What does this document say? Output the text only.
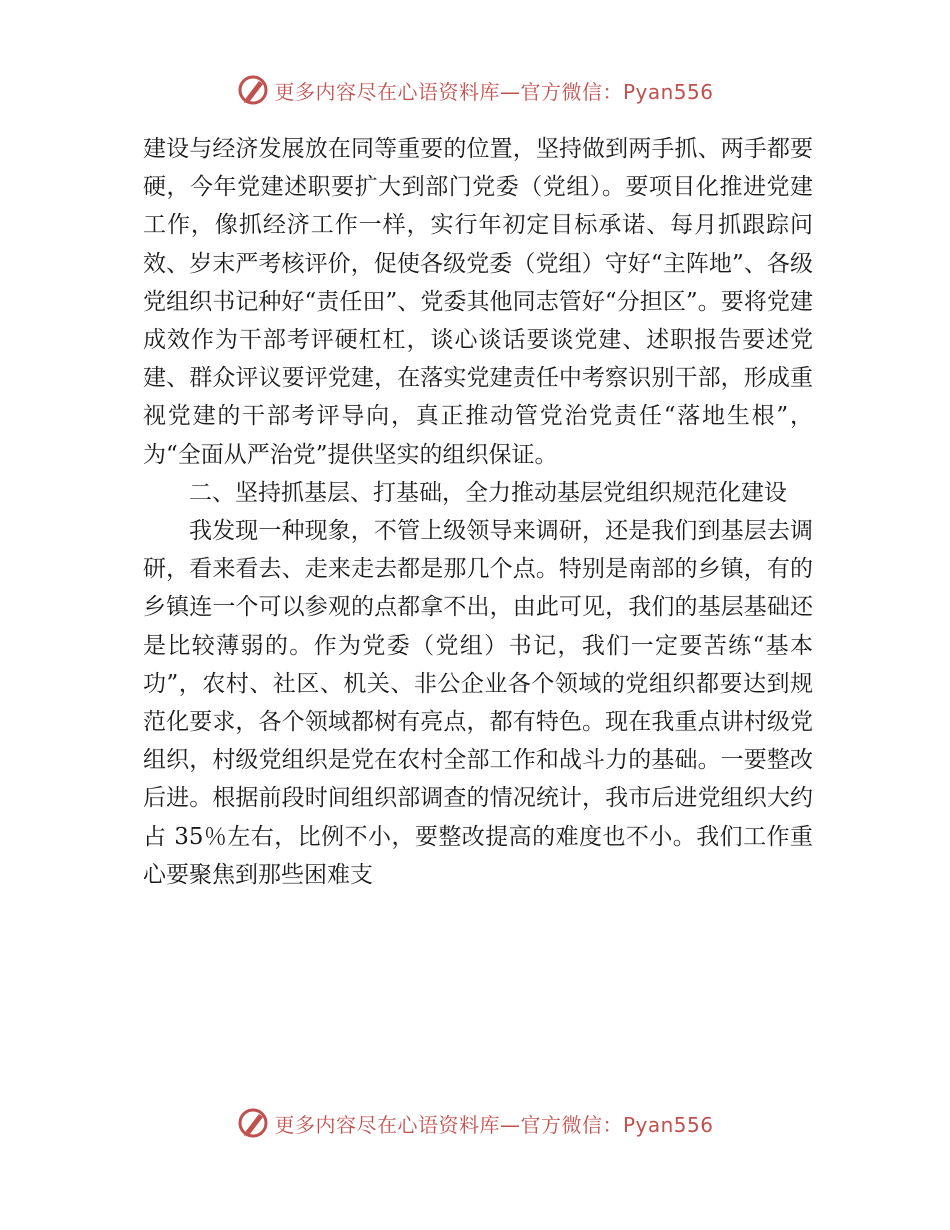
更多内容尽在心语资料库—官方微信：Pyan556

建设与经济发展放在同等重要的位置，坚持做到两手抓、两手都要硬，今年党建述职要扩大到部门党委（党组）。要项目化推进党建工作，像抓经济工作一样，实行年初定目标承诺、每月抓跟踪问效、岁末严考核评价，促使各级党委（党组）守好“主阵地”、各级党组织书记种好“责任田”、党委其他同志管好“分担区”。要将党建成效作为干部考评硬杠杠，谈心谈话要谈党建、述职报告要述党建、群众评议要评党建，在落实党建责任中考察识别干部，形成重视党建的干部考评导向，真正推动管党治党责任“落地生根”，为“全面从严治党”提供坚实的组织保证。

二、坚持抓基层、打基础，全力推动基层党组织规范化建设

我发现一种现象，不管上级领导来调研，还是我们到基层去调研，看来看去、走来走去都是那几个点。特别是南部的乡镇，有的乡镇连一个可以参观的点都拿不出，由此可见，我们的基层基础还是比较薄弱的。作为党委（党组）书记，我们一定要苦练“基本功”，农村、社区、机关、非公企业各个领域的党组织都要达到规范化要求，各个领域都树有亮点，都有特色。现在我重点讲村级党组织，村级党组织是党在农村全部工作和战斗力的基础。一要整改后进。根据前段时间组织部调查的情况统计，我市后进党组织大约占 35％左右，比例不小，要整改提高的难度也不小。我们工作重心要聚焦到那些困难支

更多内容尽在心语资料库—官方微信：Pyan556
